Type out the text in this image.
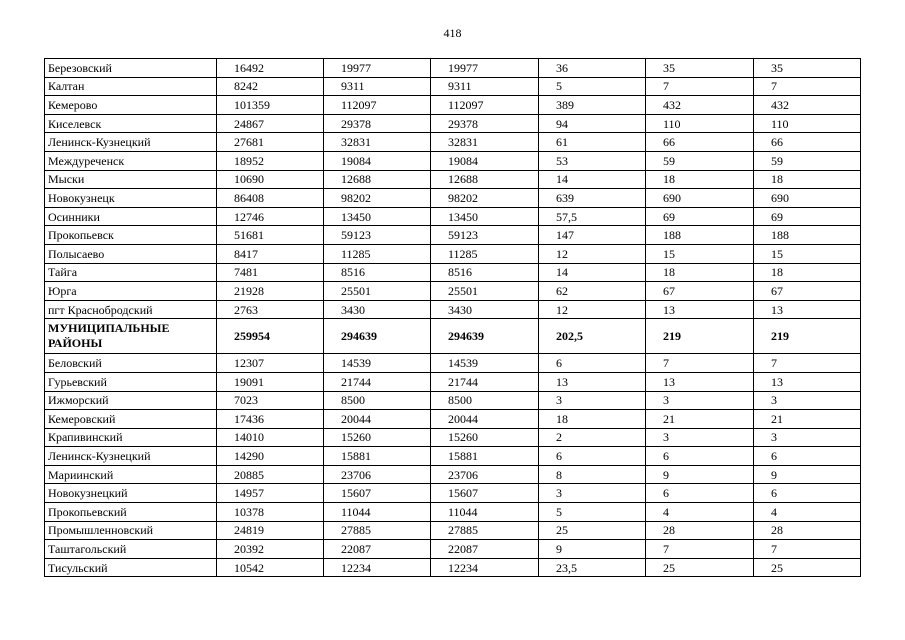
418
Березовский	16492	19977	19977	36	35	35
Калтан	8242	9311	9311	5	7	7
Кемерово	101359	112097	112097	389	432	432
Киселевск	24867	29378	29378	94	110	110
Ленинск-Кузнецкий	27681	32831	32831	61	66	66
Междуреченск	18952	19084	19084	53	59	59
Мыски	10690	12688	12688	14	18	18
Новокузнецк	86408	98202	98202	639	690	690
Осинники	12746	13450	13450	57,5	69	69
Прокопьевск	51681	59123	59123	147	188	188
Полысаево	8417	11285	11285	12	15	15
Тайга	7481	8516	8516	14	18	18
Юрга	21928	25501	25501	62	67	67
пгт Краснобродский	2763	3430	3430	12	13	13
МУНИЦИПАЛЬНЫЕ РАЙОНЫ	259954	294639	294639	202,5	219	219
Беловский	12307	14539	14539	6	7	7
Гурьевский	19091	21744	21744	13	13	13
Ижморский	7023	8500	8500	3	3	3
Кемеровский	17436	20044	20044	18	21	21
Крапивинский	14010	15260	15260	2	3	3
Ленинск-Кузнецкий	14290	15881	15881	6	6	6
Мариинский	20885	23706	23706	8	9	9
Новокузнецкий	14957	15607	15607	3	6	6
Прокопьевский	10378	11044	11044	5	4	4
Промышленновский	24819	27885	27885	25	28	28
Таштагольский	20392	22087	22087	9	7	7
Тисульский	10542	12234	12234	23,5	25	25
